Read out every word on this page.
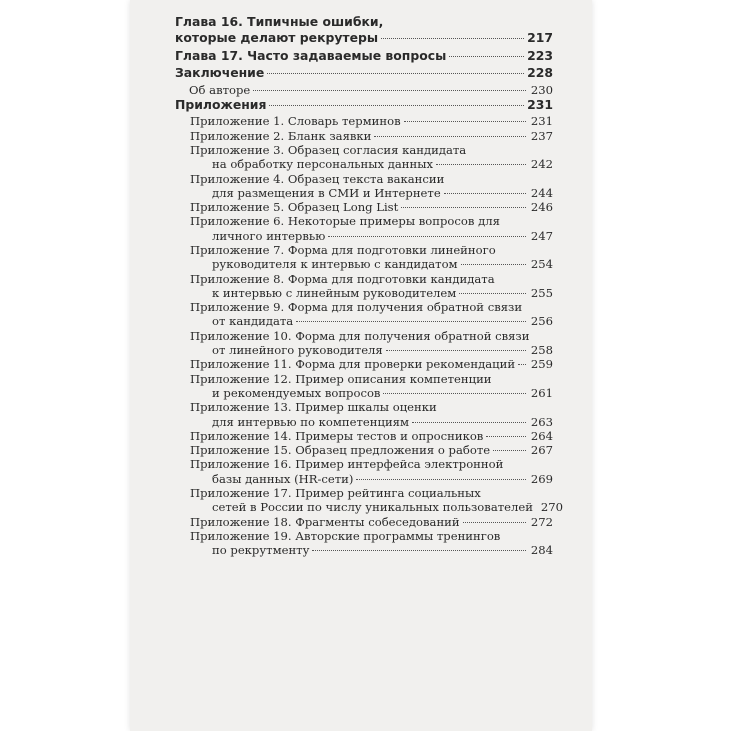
Глава 16. Типичные ошибки,
которые делают рекрутеры	217
Глава 17. Часто задаваемые вопросы	223
Заключение	228
Об авторе	230
Приложения	231
Приложение 1. Словарь терминов	231
Приложение 2. Бланк заявки	237
Приложение 3. Образец согласия кандидата
на обработку персональных данных	242
Приложение 4. Образец текста вакансии
для размещения в СМИ и Интернете	244
Приложение 5. Образец Long List	246
Приложение 6. Некоторые примеры вопросов для
личного интервью	247
Приложение 7. Форма для подготовки линейного
руководителя к интервью с кандидатом	254
Приложение 8. Форма для подготовки кандидата
к интервью с линейным руководителем	255
Приложение 9. Форма для получения обратной связи
от кандидата	256
Приложение 10. Форма для получения обратной связи
от линейного руководителя	258
Приложение 11. Форма для проверки рекомендаций 259
Приложение 12. Пример описания компетенции
и рекомендуемых вопросов	261
Приложение 13. Пример шкалы оценки
для интервью по компетенциям	263
Приложение 14. Примеры тестов и опросников	264
Приложение 15. Образец предложения о работе	267
Приложение 16. Пример интерфейса электронной
базы данных (HR-сети)	269
Приложение 17. Пример рейтинга социальных
сетей в России по числу уникальных пользователей 270
Приложение 18. Фрагменты собеседований	272
Приложение 19. Авторские программы тренингов
по рекрутменту	284
